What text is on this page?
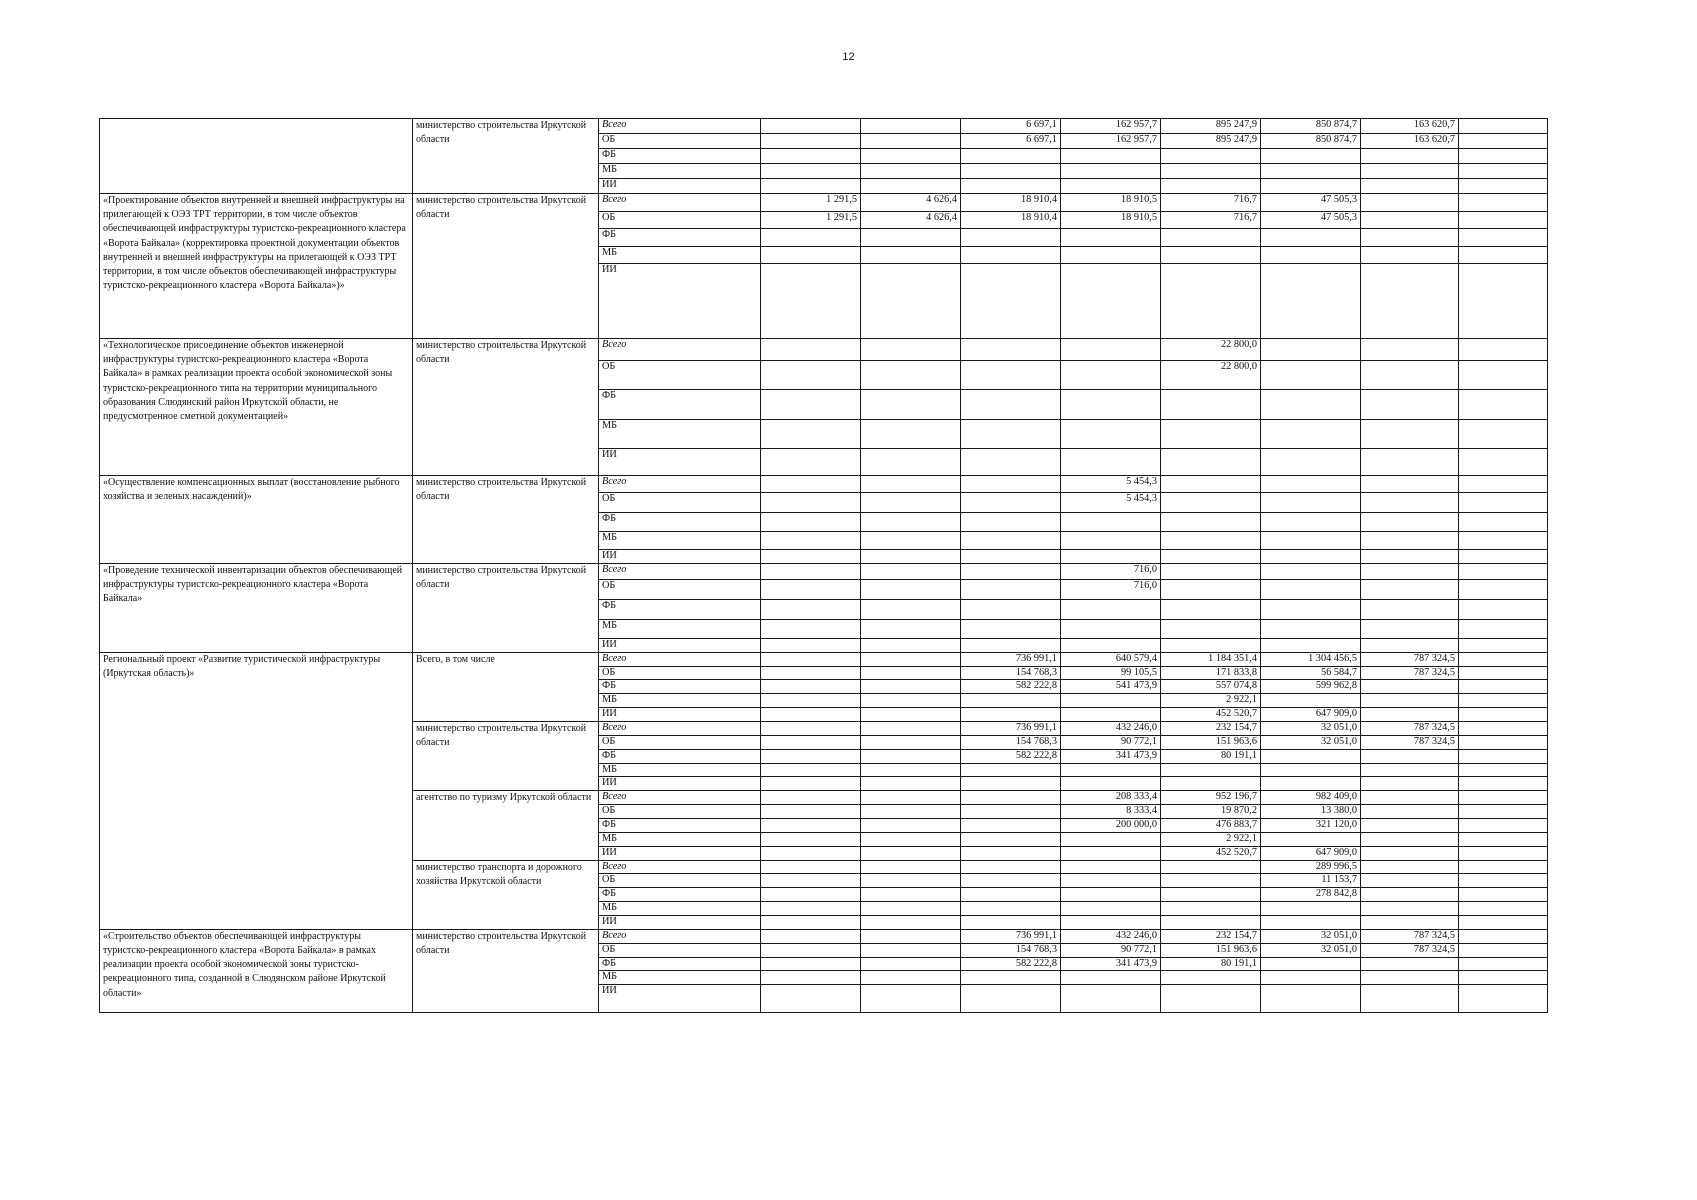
12
	министерство строительства Иркутской области	Всего			6 697,1	162 957,7	895 247,9	850 874,7	163 620,7	
		ОБ			6 697,1	162 957,7	895 247,9	850 874,7	163 620,7	
		ФБ								
		МБ								
		ИИ								
«Проектирование объектов внутренней и внешней инфраструктуры на прилегающей к ОЭЗ ТРТ территории, в том числе объектов обеспечивающей инфраструктуры туристско-рекреационного кластера «Ворота Байкала» (корректировка проектной документации объектов внутренней и внешней инфраструктуры на прилегающей к ОЭЗ ТРТ территории, в том числе объектов обеспечивающей инфраструктуры туристско-рекреационного кластера «Ворота Байкала»)»	министерство строительства Иркутской области	Всего	1 291,5	4 626,4	18 910,4	18 910,5	716,7	47 505,3		
		ОБ	1 291,5	4 626,4	18 910,4	18 910,5	716,7	47 505,3		
		ФБ								
		МБ								
		ИИ								
«Технологическое присоединение объектов инженерной инфраструктуры туристско-рекреационного кластера «Ворота Байкала» в рамках реализации проекта особой экономической зоны туристско-рекреационного типа на территории муниципального образования Слюдянский район Иркутской области, не предусмотренное сметной документацией»	министерство строительства Иркутской области	Всего					22 800,0			
		ОБ					22 800,0			
		ФБ								
		МБ								
		ИИ								
«Осуществление компенсационных выплат (восстановление рыбного хозяйства и зеленых насаждений)»	министерство строительства Иркутской области	Всего				5 454,3				
		ОБ				5 454,3				
		ФБ								
		МБ								
		ИИ								
«Проведение технической инвентаризации объектов обеспечивающей инфраструктуры туристско-рекреационного кластера «Ворота Байкала»	министерство строительства Иркутской области	Всего				716,0				
		ОБ				716,0				
		ФБ								
		МБ								
		ИИ								
Региональный проект «Развитие туристической инфраструктуры (Иркутская область)»	Всего, в том числе	Всего			736 991,1	640 579,4	1 184 351,4	1 304 456,5	787 324,5	
		ОБ			154 768,3	99 105,5	171 833,8	56 584,7	787 324,5	
		ФБ			582 222,8	541 473,9	557 074,8	599 962,8		
		МБ					2 922,1			
		ИИ					452 520,7	647 909,0		
	министерство строительства Иркутской области	Всего			736 991,1	432 246,0	232 154,7	32 051,0	787 324,5	
		ОБ			154 768,3	90 772,1	151 963,6	32 051,0	787 324,5	
		ФБ			582 222,8	341 473,9	80 191,1			
		МБ								
		ИИ								
	агентство по туризму Иркутской области	Всего				208 333,4	952 196,7	982 409,0		
		ОБ				8 333,4	19 870,2	13 380,0		
		ФБ				200 000,0	476 883,7	321 120,0		
		МБ					2 922,1			
		ИИ					452 520,7	647 909,0		
	министерство транспорта и дорожного хозяйства Иркутской области	Всего						289 996,5		
		ОБ						11 153,7		
		ФБ						278 842,8		
		МБ								
		ИИ								
«Строительство объектов обеспечивающей инфраструктуры туристско-рекреационного кластера «Ворота Байкала» в рамках реализации проекта особой экономической зоны туристско-рекреационного типа, созданной в Слюдянском районе Иркутской области»	министерство строительства Иркутской области	Всего			736 991,1	432 246,0	232 154,7	32 051,0	787 324,5	
		ОБ			154 768,3	90 772,1	151 963,6	32 051,0	787 324,5	
		ФБ			582 222,8	341 473,9	80 191,1			
		МБ								
		ИИ								
